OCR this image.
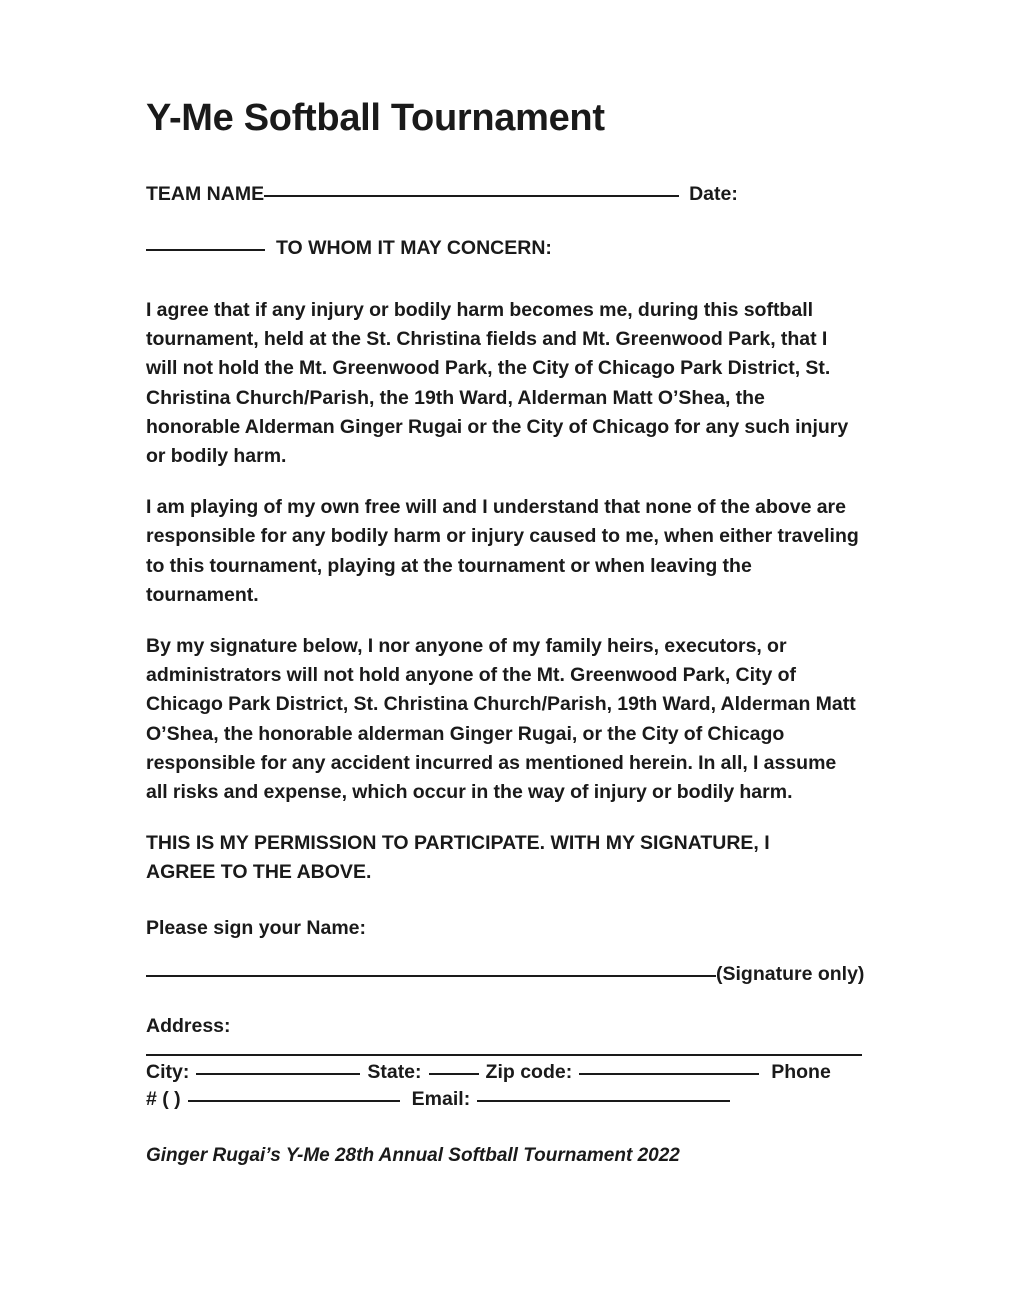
Y-Me Softball Tournament
TEAM NAME	Date:
TO WHOM IT MAY CONCERN:

I agree that if any injury or bodily harm becomes me, during this softball tournament, held at the St. Christina fields and Mt. Greenwood Park, that I will not hold the Mt. Greenwood Park, the City of Chicago Park District, St. Christina Church/Parish, the 19th Ward, Alderman Matt O’Shea, the honorable Alderman Ginger Rugai or the City of Chicago for any such injury or bodily harm.

I am playing of my own free will and I understand that none of the above are responsible for any bodily harm or injury caused to me, when either traveling to this tournament, playing at the tournament or when leaving the tournament.

By my signature below, I nor anyone of my family heirs, executors, or administrators will not hold anyone of the Mt. Greenwood Park, City of Chicago Park District, St. Christina Church/Parish, 19th Ward, Alderman Matt O’Shea, the honorable alderman Ginger Rugai, or the City of Chicago responsible for any accident incurred as mentioned herein. In all, I assume all risks and expense, which occur in the way of injury or bodily harm.

THIS IS MY PERMISSION TO PARTICIPATE. WITH MY SIGNATURE, I AGREE TO THE ABOVE.

Please sign your Name:

(Signature only)

Address:

City:	State:	Zip code:	Phone
# ( )	Email:

Ginger Rugai’s Y-Me 28th Annual Softball Tournament 2022
